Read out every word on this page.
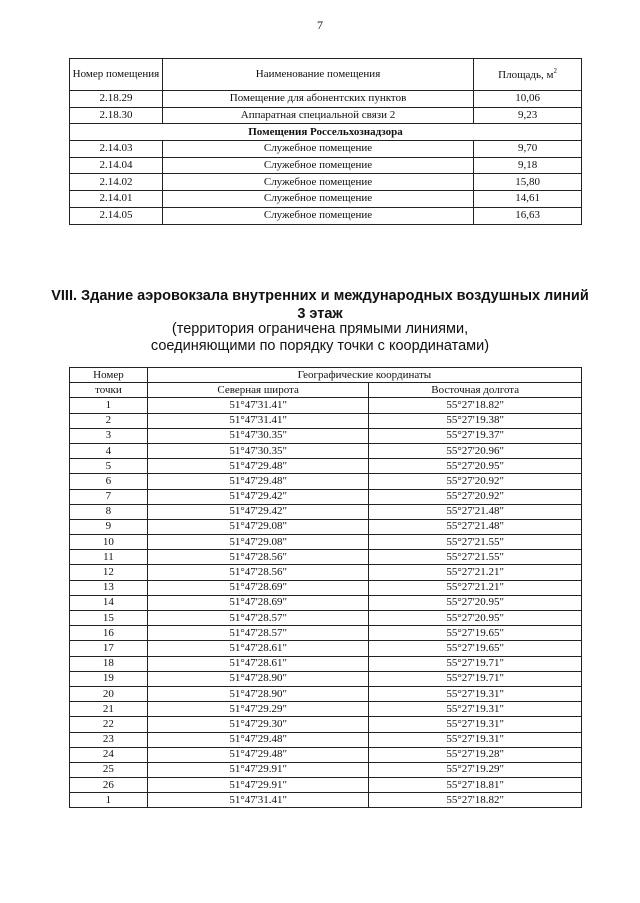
7
Номер помещения	Наименование помещения	Площадь, $м^2$
2.18.29	Помещение для абонентских пунктов	10,06
2.18.30	Аппаратная специальной связи 2	9,23
Помещения Россельхознадзора		
2.14.03	Служебное помещение	9,70
2.14.04	Служебное помещение	9,18
2.14.02	Служебное помещение	15,80
2.14.01	Служебное помещение	14,61
2.14.05	Служебное помещение	16,63
VIII. Здание аэровокзала внутренних и международных воздушных линий
3 этаж
(территория ограничена прямыми линиями,
соединяющими по порядку точки с координатами)
Номер	Географические координаты	
точки	Северная широта	Восточная долгота
1	51°47'31.41"	55°27'18.82"
2	51°47'31.41"	55°27'19.38"
3	51°47'30.35"	55°27'19.37"
4	51°47'30.35"	55°27'20.96"
5	51°47'29.48"	55°27'20.95"
6	51°47'29.48"	55°27'20.92"
7	51°47'29.42"	55°27'20.92"
8	51°47'29.42"	55°27'21.48"
9	51°47'29.08"	55°27'21.48"
10	51°47'29.08"	55°27'21.55"
11	51°47'28.56"	55°27'21.55"
12	51°47'28.56"	55°27'21.21"
13	51°47'28.69"	55°27'21.21"
14	51°47'28.69"	55°27'20.95"
15	51°47'28.57"	55°27'20.95"
16	51°47'28.57"	55°27'19.65"
17	51°47'28.61"	55°27'19.65"
18	51°47'28.61"	55°27'19.71"
19	51°47'28.90"	55°27'19.71"
20	51°47'28.90"	55°27'19.31"
21	51°47'29.29"	55°27'19.31"
22	51°47'29.30"	55°27'19.31"
23	51°47'29.48"	55°27'19.31"
24	51°47'29.48"	55°27'19.28"
25	51°47'29.91"	55°27'19.29"
26	51°47'29.91"	55°27'18.81"
1	51°47'31.41"	55°27'18.82"
